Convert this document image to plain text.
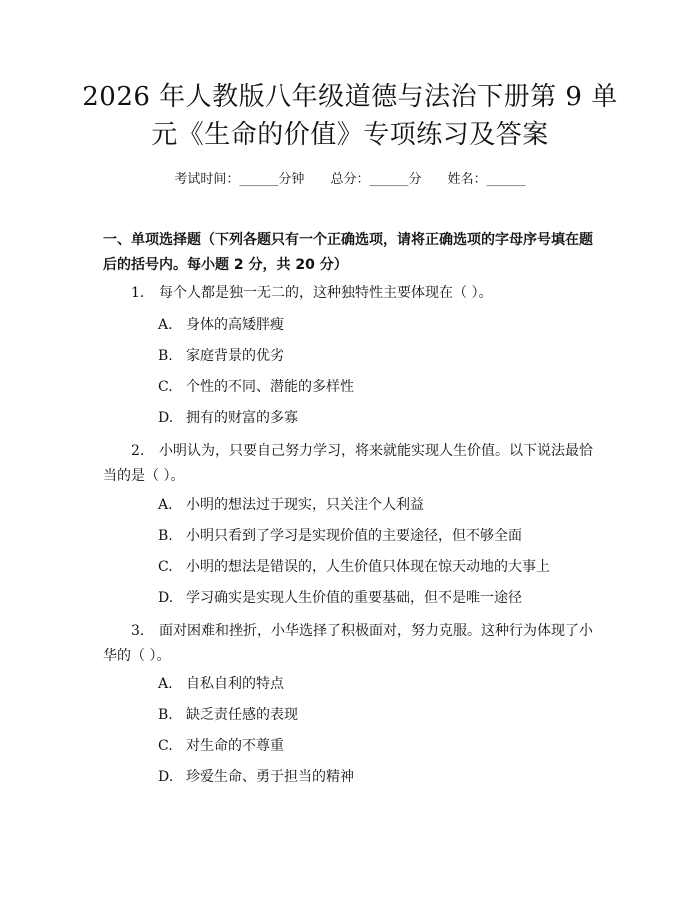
2026 年人教版八年级道德与法治下册第 9 单
元《生命的价值》专项练习及答案
考试时间：______分钟 总分：______分 姓名：______
一、单项选择题（下列各题只有一个正确选项，请将正确选项的字母序号填在题后的括号内。每小题 2 分，共 20 分）
1. 每个人都是独一无二的，这种独特性主要体现在（ ）。
A. 身体的高矮胖瘦
B. 家庭背景的优劣
C. 个性的不同、潜能的多样性
D. 拥有的财富的多寡
2. 小明认为，只要自己努力学习，将来就能实现人生价值。以下说法最恰当的是（ ）。
A. 小明的想法过于现实，只关注个人利益
B. 小明只看到了学习是实现价值的主要途径，但不够全面
C. 小明的想法是错误的，人生价值只体现在惊天动地的大事上
D. 学习确实是实现人生价值的重要基础，但不是唯一途径
3. 面对困难和挫折，小华选择了积极面对，努力克服。这种行为体现了小华的（ ）。
A. 自私自利的特点
B. 缺乏责任感的表现
C. 对生命的不尊重
D. 珍爱生命、勇于担当的精神
